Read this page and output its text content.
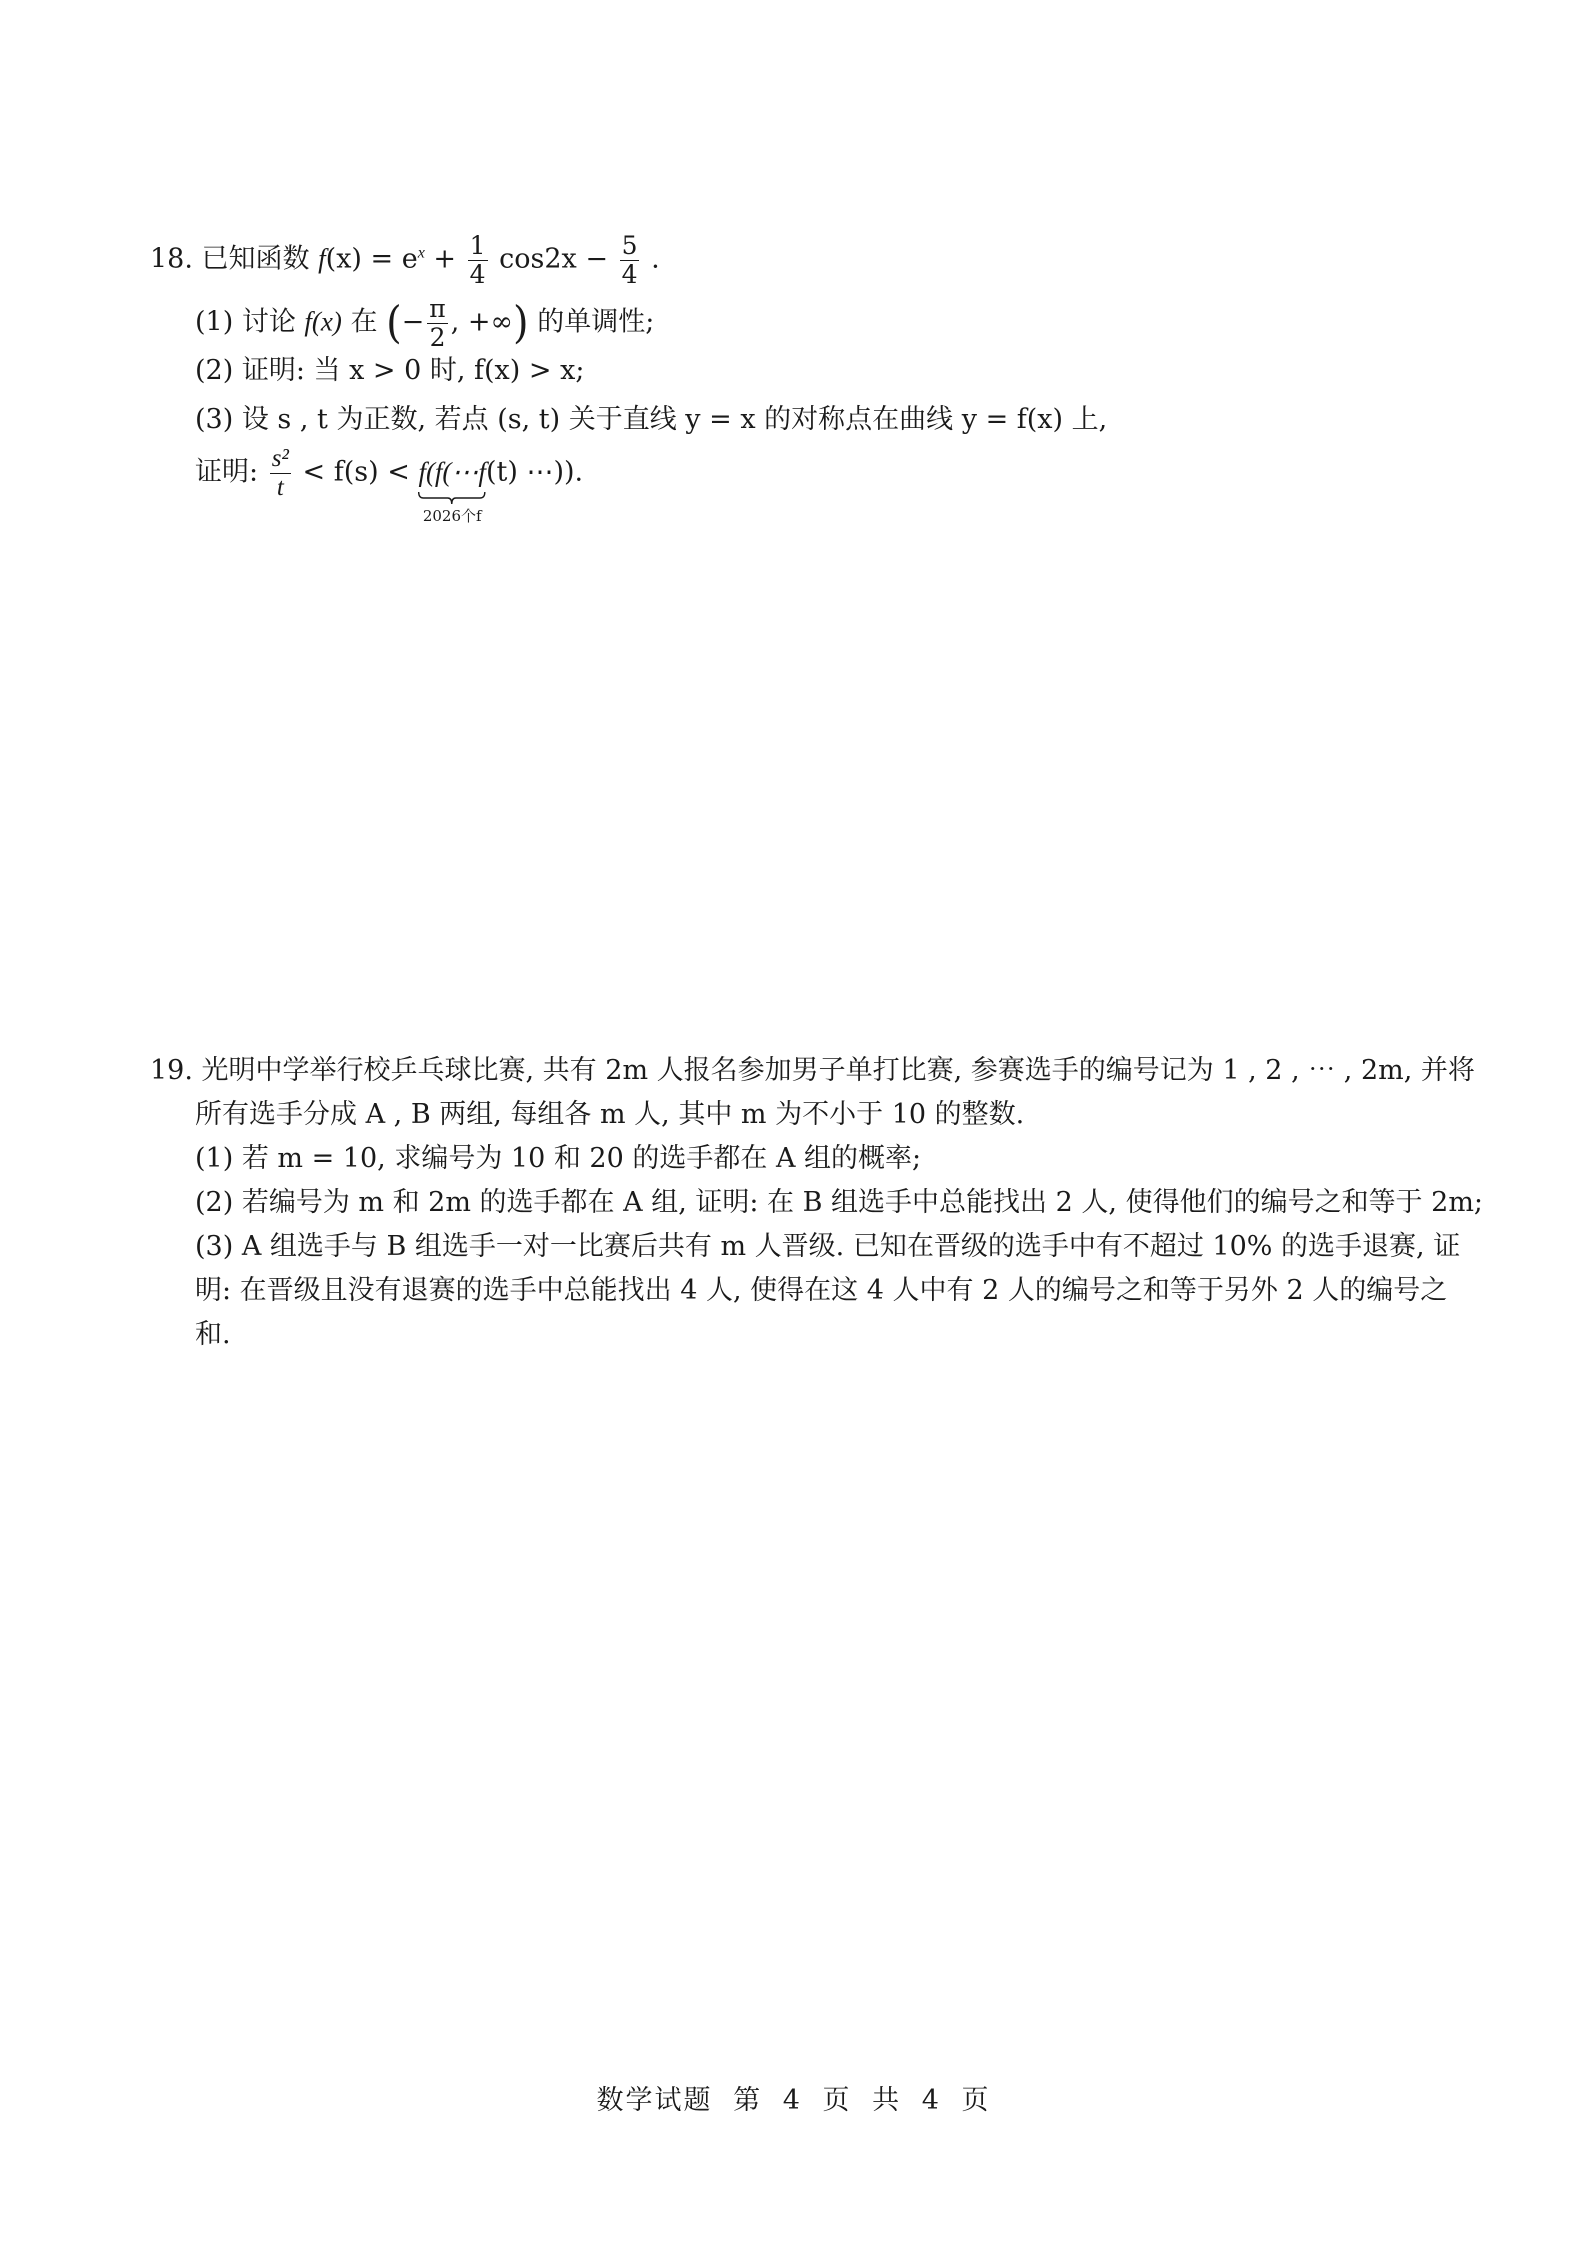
18. 已知函数 $f(x) = e^x + \frac{1}{4} \cos 2x - \frac{5}{4}$ .
(1) 讨论 f(x) 在 (− $\frac{\pi}{2}$ , +∞) 的单调性;
(2) 证明: 当 x > 0 时, f(x) > x;
(3) 设 s , t 为正数, 若点 (s, t) 关于直线 y = x 的对称点在曲线 y = f(x) 上,
证明: $\frac{\text{s²}}{t} < f(s)$ < f(f(⋯f
2026个f
(t) ⋯)).
19. 光明中学举行校乒乓球比赛, 共有 2m 人报名参加男子单打比赛, 参赛选手的编号记为 1 , 2 , ⋯ , 2m, 并将
所有选手分成 A , B 两组, 每组各 m 人, 其中 m 为不小于 10 的整数.
(1) 若 m = 10, 求编号为 10 和 20 的选手都在 A 组的概率;
(2) 若编号为 m 和 2m 的选手都在 A 组, 证明: 在 B 组选手中总能找出 2 人, 使得他们的编号之和等于 2m;
(3) A 组选手与 B 组选手一对一比赛后共有 m 人晋级. 已知在晋级的选手中有不超过 10% 的选手退赛, 证
明: 在晋级且没有退赛的选手中总能找出 4 人, 使得在这 4 人中有 2 人的编号之和等于另外 2 人的编号之
和.
数学试题 第 4 页 共 4 页
